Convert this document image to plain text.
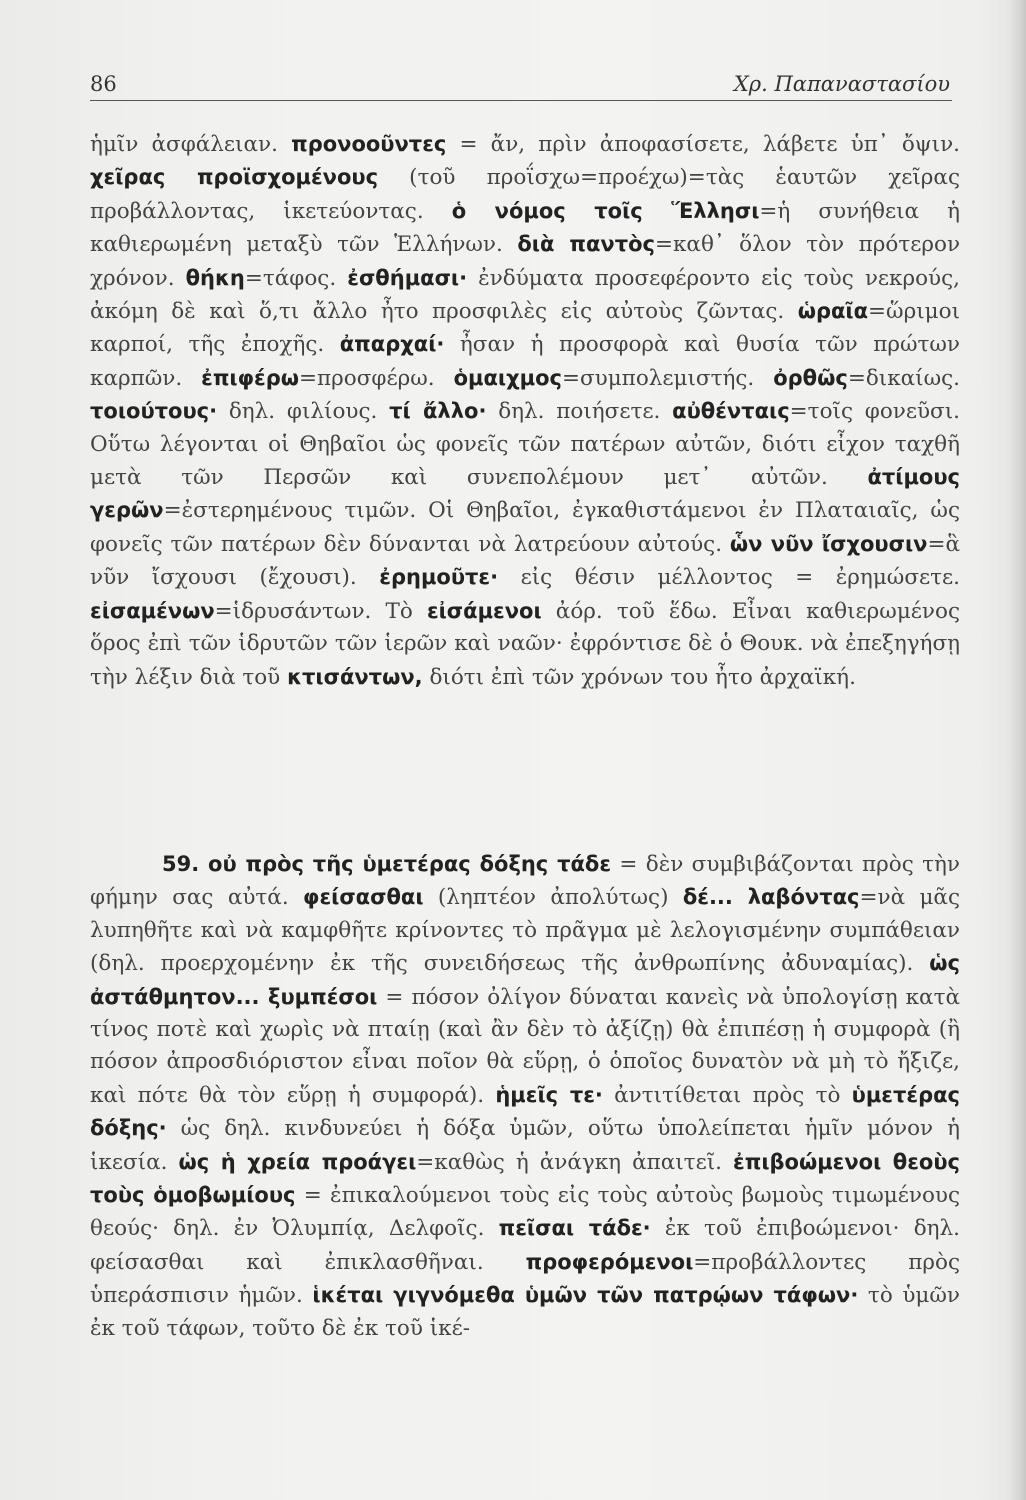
86	Χρ. Παπαναστασίου

ἡμῖν ἀσφάλειαν. προνοοῦντες = ἄν, πρὶν ἀποφασίσετε, λάβετε ὑπ᾽ ὄψιν. χεῖρας προϊσχομένους (τοῦ προΐσχω=προέχω)=τὰς ἑαυτῶν χεῖρας προβάλλοντας, ἱκετεύοντας. ὁ νόμος τοῖς Ἕλλησι=ἡ συνήθεια ἡ καθιερωμένη μεταξὺ τῶν Ἑλλήνων. διὰ παντὸς=καθ᾽ ὅλον τὸν πρότερον χρόνον. θήκη=τάφος. ἐσθήμασι· ἐνδύματα προσεφέροντο εἰς τοὺς νεκρούς, ἀκόμη δὲ καὶ ὅ,τι ἄλλο ἦτο προσφιλὲς εἰς αὐτοὺς ζῶντας. ὡραῖα=ὥριμοι καρποί, τῆς ἐποχῆς. ἀπαρχαί· ἦσαν ἡ προσφορὰ καὶ θυσία τῶν πρώτων καρπῶν. ἐπιφέρω=προσφέρω. ὁμαιχμος=συμπολεμιστής. ὀρθῶς=δικαίως. τοιούτους· δηλ. φιλίους. τί ἄλλο· δηλ. ποιήσετε. αὐθένταις=τοῖς φονεῦσι. Οὕτω λέγονται οἱ Θηβαῖοι ὡς φονεῖς τῶν πατέρων αὐτῶν, διότι εἶχον ταχθῆ μετὰ τῶν Περσῶν καὶ συνεπολέμουν μετ᾽ αὐτῶν. ἀτίμους γερῶν=ἐστερημένους τιμῶν. Οἱ Θηβαῖοι, ἐγκαθιστάμενοι ἐν Πλαταιαῖς, ὡς φονεῖς τῶν πατέρων δὲν δύνανται νὰ λατρεύουν αὐτούς. ὧν νῦν ἴσχουσιν=ἃ νῦν ἴσχουσι (ἔχουσι). ἐρημοῦτε· εἰς θέσιν μέλλοντος = ἐρημώσετε. εἰσαμένων=ἱδρυσάντων. Τὸ εἰσάμενοι ἀόρ. τοῦ ἕδω. Εἶναι καθιερωμένος ὅρος ἐπὶ τῶν ἱδρυτῶν τῶν ἱερῶν καὶ ναῶν· ἐφρόντισε δὲ ὁ Θουκ. νὰ ἐπεξηγήσῃ τὴν λέξιν διὰ τοῦ κτισάντων, διότι ἐπὶ τῶν χρόνων του ἦτο ἀρχαϊκή.

59. οὐ πρὸς τῆς ὑμετέρας δόξης τάδε = δὲν συμβιβάζονται πρὸς τὴν φήμην σας αὐτά. φείσασθαι (ληπτέον ἀπολύτως) δέ... λαβόντας=νὰ μᾶς λυπηθῆτε καὶ νὰ καμφθῆτε κρίνοντες τὸ πρᾶγμα μὲ λελογισμένην συμπάθειαν (δηλ. προερχομένην ἐκ τῆς συνειδήσεως τῆς ἀνθρωπίνης ἀδυναμίας). ὡς ἀστάθμητον... ξυμπέσοι = πόσον ὀλίγον δύναται κανεὶς νὰ ὑπολογίσῃ κατὰ τίνος ποτὲ καὶ χωρὶς νὰ πταίῃ (καὶ ἂν δὲν τὸ ἀξίζῃ) θὰ ἐπιπέσῃ ἡ συμφορὰ (ἢ πόσον ἀπροσδιόριστον εἶναι ποῖον θὰ εὕρῃ, ὁ ὁποῖος δυνατὸν νὰ μὴ τὸ ἤξιζε, καὶ πότε θὰ τὸν εὕρῃ ἡ συμφορά). ἡμεῖς τε· ἀντιτίθεται πρὸς τὸ ὑμετέρας δόξης· ὡς δηλ. κινδυνεύει ἡ δόξα ὑμῶν, οὕτω ὑπολείπεται ἡμῖν μόνον ἡ ἱκεσία. ὡς ἡ χρεία προάγει=καθὼς ἡ ἀνάγκη ἀπαιτεῖ. ἐπιβοώμενοι θεοὺς τοὺς ὁμοβωμίους = ἐπικαλούμενοι τοὺς εἰς τοὺς αὐτοὺς βωμοὺς τιμωμένους θεούς· δηλ. ἐν Ὀλυμπίᾳ, Δελφοῖς. πεῖσαι τάδε· ἐκ τοῦ ἐπιβοώμενοι· δηλ. φείσασθαι καὶ ἐπικλασθῆναι. προφερόμενοι=προβάλλοντες πρὸς ὑπεράσπισιν ἡμῶν. ἱκέται γιγνόμεθα ὑμῶν τῶν πατρῴων τάφων· τὸ ὑμῶν ἐκ τοῦ τάφων, τοῦτο δὲ ἐκ τοῦ ἱκέ-
